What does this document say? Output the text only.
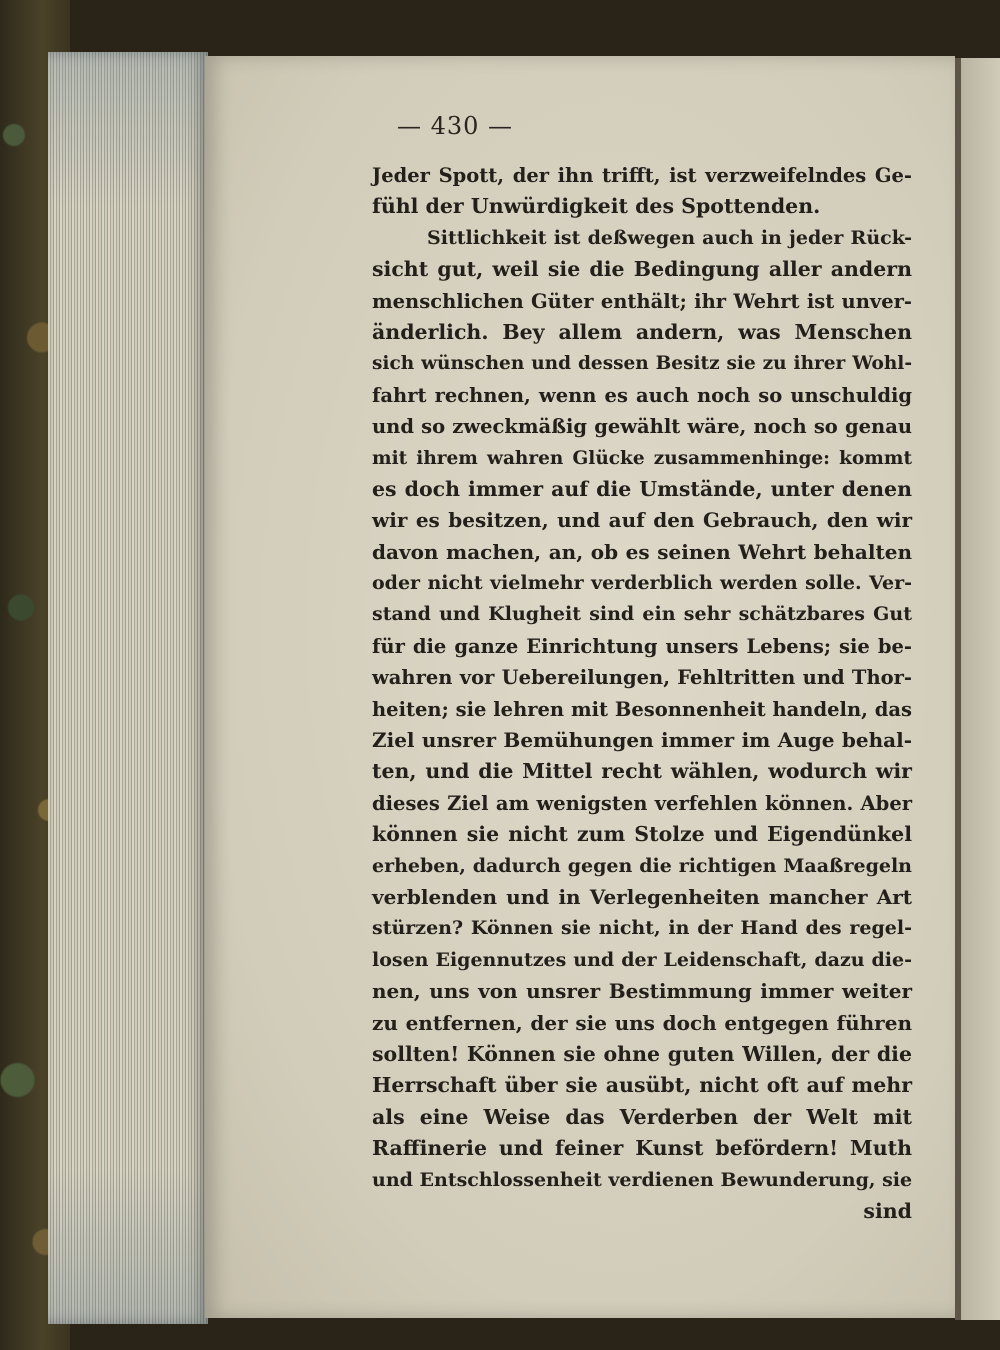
— 430 —
Jeder Spott, der ihn trifft, ist verzweifelndes Ge-
fühl der Unwürdigkeit des Spottenden.
Sittlichkeit ist deßwegen auch in jeder Rück-
sicht gut, weil sie die Bedingung aller andern
menschlichen Güter enthält; ihr Wehrt ist unver-
änderlich. Bey allem andern, was Menschen
sich wünschen und dessen Besitz sie zu ihrer Wohl-
fahrt rechnen, wenn es auch noch so unschuldig
und so zweckmäßig gewählt wäre, noch so genau
mit ihrem wahren Glücke zusammenhinge: kommt
es doch immer auf die Umstände, unter denen
wir es besitzen, und auf den Gebrauch, den wir
davon machen, an, ob es seinen Wehrt behalten
oder nicht vielmehr verderblich werden solle. Ver-
stand und Klugheit sind ein sehr schätzbares Gut
für die ganze Einrichtung unsers Lebens; sie be-
wahren vor Uebereilungen, Fehltritten und Thor-
heiten; sie lehren mit Besonnenheit handeln, das
Ziel unsrer Bemühungen immer im Auge behal-
ten, und die Mittel recht wählen, wodurch wir
dieses Ziel am wenigsten verfehlen können. Aber
können sie nicht zum Stolze und Eigendünkel
erheben, dadurch gegen die richtigen Maaßregeln
verblenden und in Verlegenheiten mancher Art
stürzen? Können sie nicht, in der Hand des regel-
losen Eigennutzes und der Leidenschaft, dazu die-
nen, uns von unsrer Bestimmung immer weiter
zu entfernen, der sie uns doch entgegen führen
sollten! Können sie ohne guten Willen, der die
Herrschaft über sie ausübt, nicht oft auf mehr
als eine Weise das Verderben der Welt mit
Raffinerie und feiner Kunst befördern! Muth
und Entschlossenheit verdienen Bewunderung, sie
sind
